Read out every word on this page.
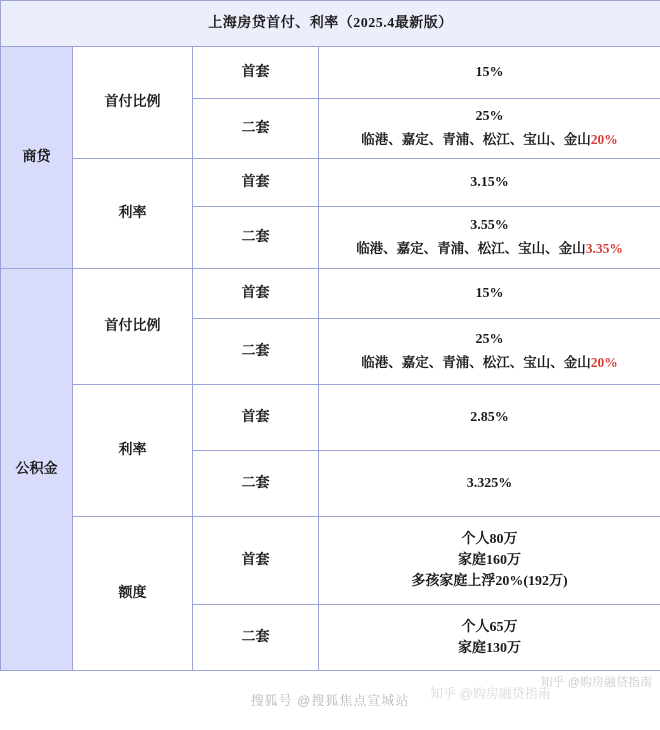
上海房贷首付、利率（2025.4最新版）			
商贷	首付比例	首套	15%

		二套	25%
临港、嘉定、青浦、松江、宝山、金山20%

	利率	首套	3.15%

		二套	3.55%
临港、嘉定、青浦、松江、宝山、金山3.35%

公积金	首付比例	首套	15%

		二套	25%
临港、嘉定、青浦、松江、宝山、金山20%

	利率	首套	2.85%

		二套	3.325%

	额度	首套	个人80万
家庭160万
多孩家庭上浮20%(192万)

		二套	个人65万
家庭130万
知乎 @购房融贷指南
知乎 @购房融贷指南
搜狐号 @搜狐焦点宣城站
